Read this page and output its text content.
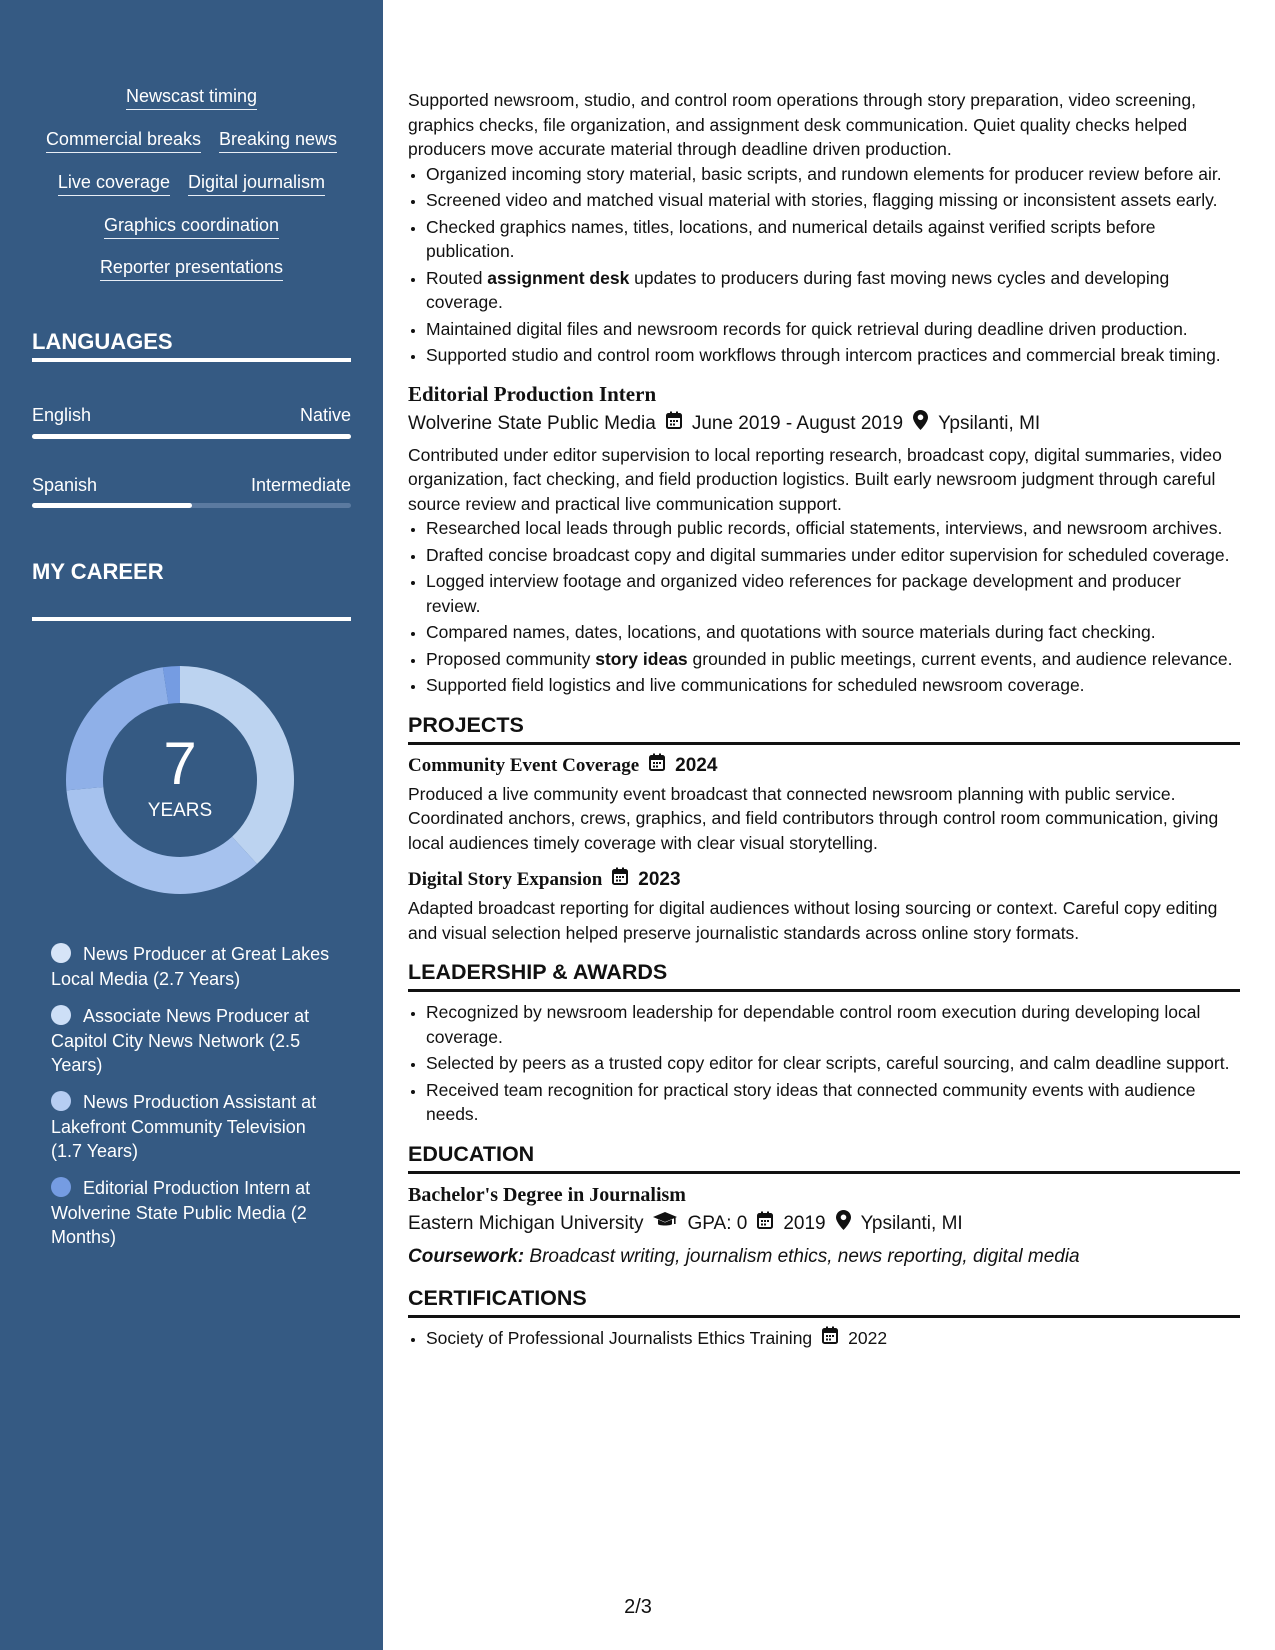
Newscast timing
Commercial breaks Breaking news
Live coverage Digital journalism
Graphics coordination
Reporter presentations
LANGUAGES
English	Native
Spanish	Intermediate
MY CAREER
7
YEARS
News Producer at Great Lakes Local Media (2.7 Years)
Associate News Producer at Capitol City News Network (2.5 Years)
News Production Assistant at Lakefront Community Television (1.7 Years)
Editorial Production Intern at Wolverine State Public Media (2 Months)

Supported newsroom, studio, and control room operations through story preparation, video screening, graphics checks, file organization, and assignment desk communication. Quiet quality checks helped producers move accurate material through deadline driven production.

• Organized incoming story material, basic scripts, and rundown elements for producer review before air.
• Screened video and matched visual material with stories, flagging missing or inconsistent assets early.
• Checked graphics names, titles, locations, and numerical details against verified scripts before publication.
• Routed assignment desk updates to producers during fast moving news cycles and developing coverage.
• Maintained digital files and newsroom records for quick retrieval during deadline driven production.
• Supported studio and control room workflows through intercom practices and commercial break timing.
Editorial Production Intern
Wolverine State Public Media June 2019 - August 2019 Ypsilanti, MI

Contributed under editor supervision to local reporting research, broadcast copy, digital summaries, video organization, fact checking, and field production logistics. Built early newsroom judgment through careful source review and practical live communication support.

• Researched local leads through public records, official statements, interviews, and newsroom archives.
• Drafted concise broadcast copy and digital summaries under editor supervision for scheduled coverage.
• Logged interview footage and organized video references for package development and producer review.
• Compared names, dates, locations, and quotations with source materials during fact checking.
• Proposed community story ideas grounded in public meetings, current events, and audience relevance.
• Supported field logistics and live communications for scheduled newsroom coverage.
PROJECTS
Community Event Coverage 2024

Produced a live community event broadcast that connected newsroom planning with public service. Coordinated anchors, crews, graphics, and field contributors through control room communication, giving local audiences timely coverage with clear visual storytelling.

Digital Story Expansion 2023

Adapted broadcast reporting for digital audiences without losing sourcing or context. Careful copy editing and visual selection helped preserve journalistic standards across online story formats.

LEADERSHIP & AWARDS
• Recognized by newsroom leadership for dependable control room execution during developing local coverage.
• Selected by peers as a trusted copy editor for clear scripts, careful sourcing, and calm deadline support.
• Received team recognition for practical story ideas that connected community events with audience needs.
EDUCATION
Bachelor's Degree in Journalism
Eastern Michigan University GPA: 0 2019 Ypsilanti, MI
Coursework: Broadcast writing, journalism ethics, news reporting, digital media
CERTIFICATIONS
• Society of Professional Journalists Ethics Training 2022
2/3
